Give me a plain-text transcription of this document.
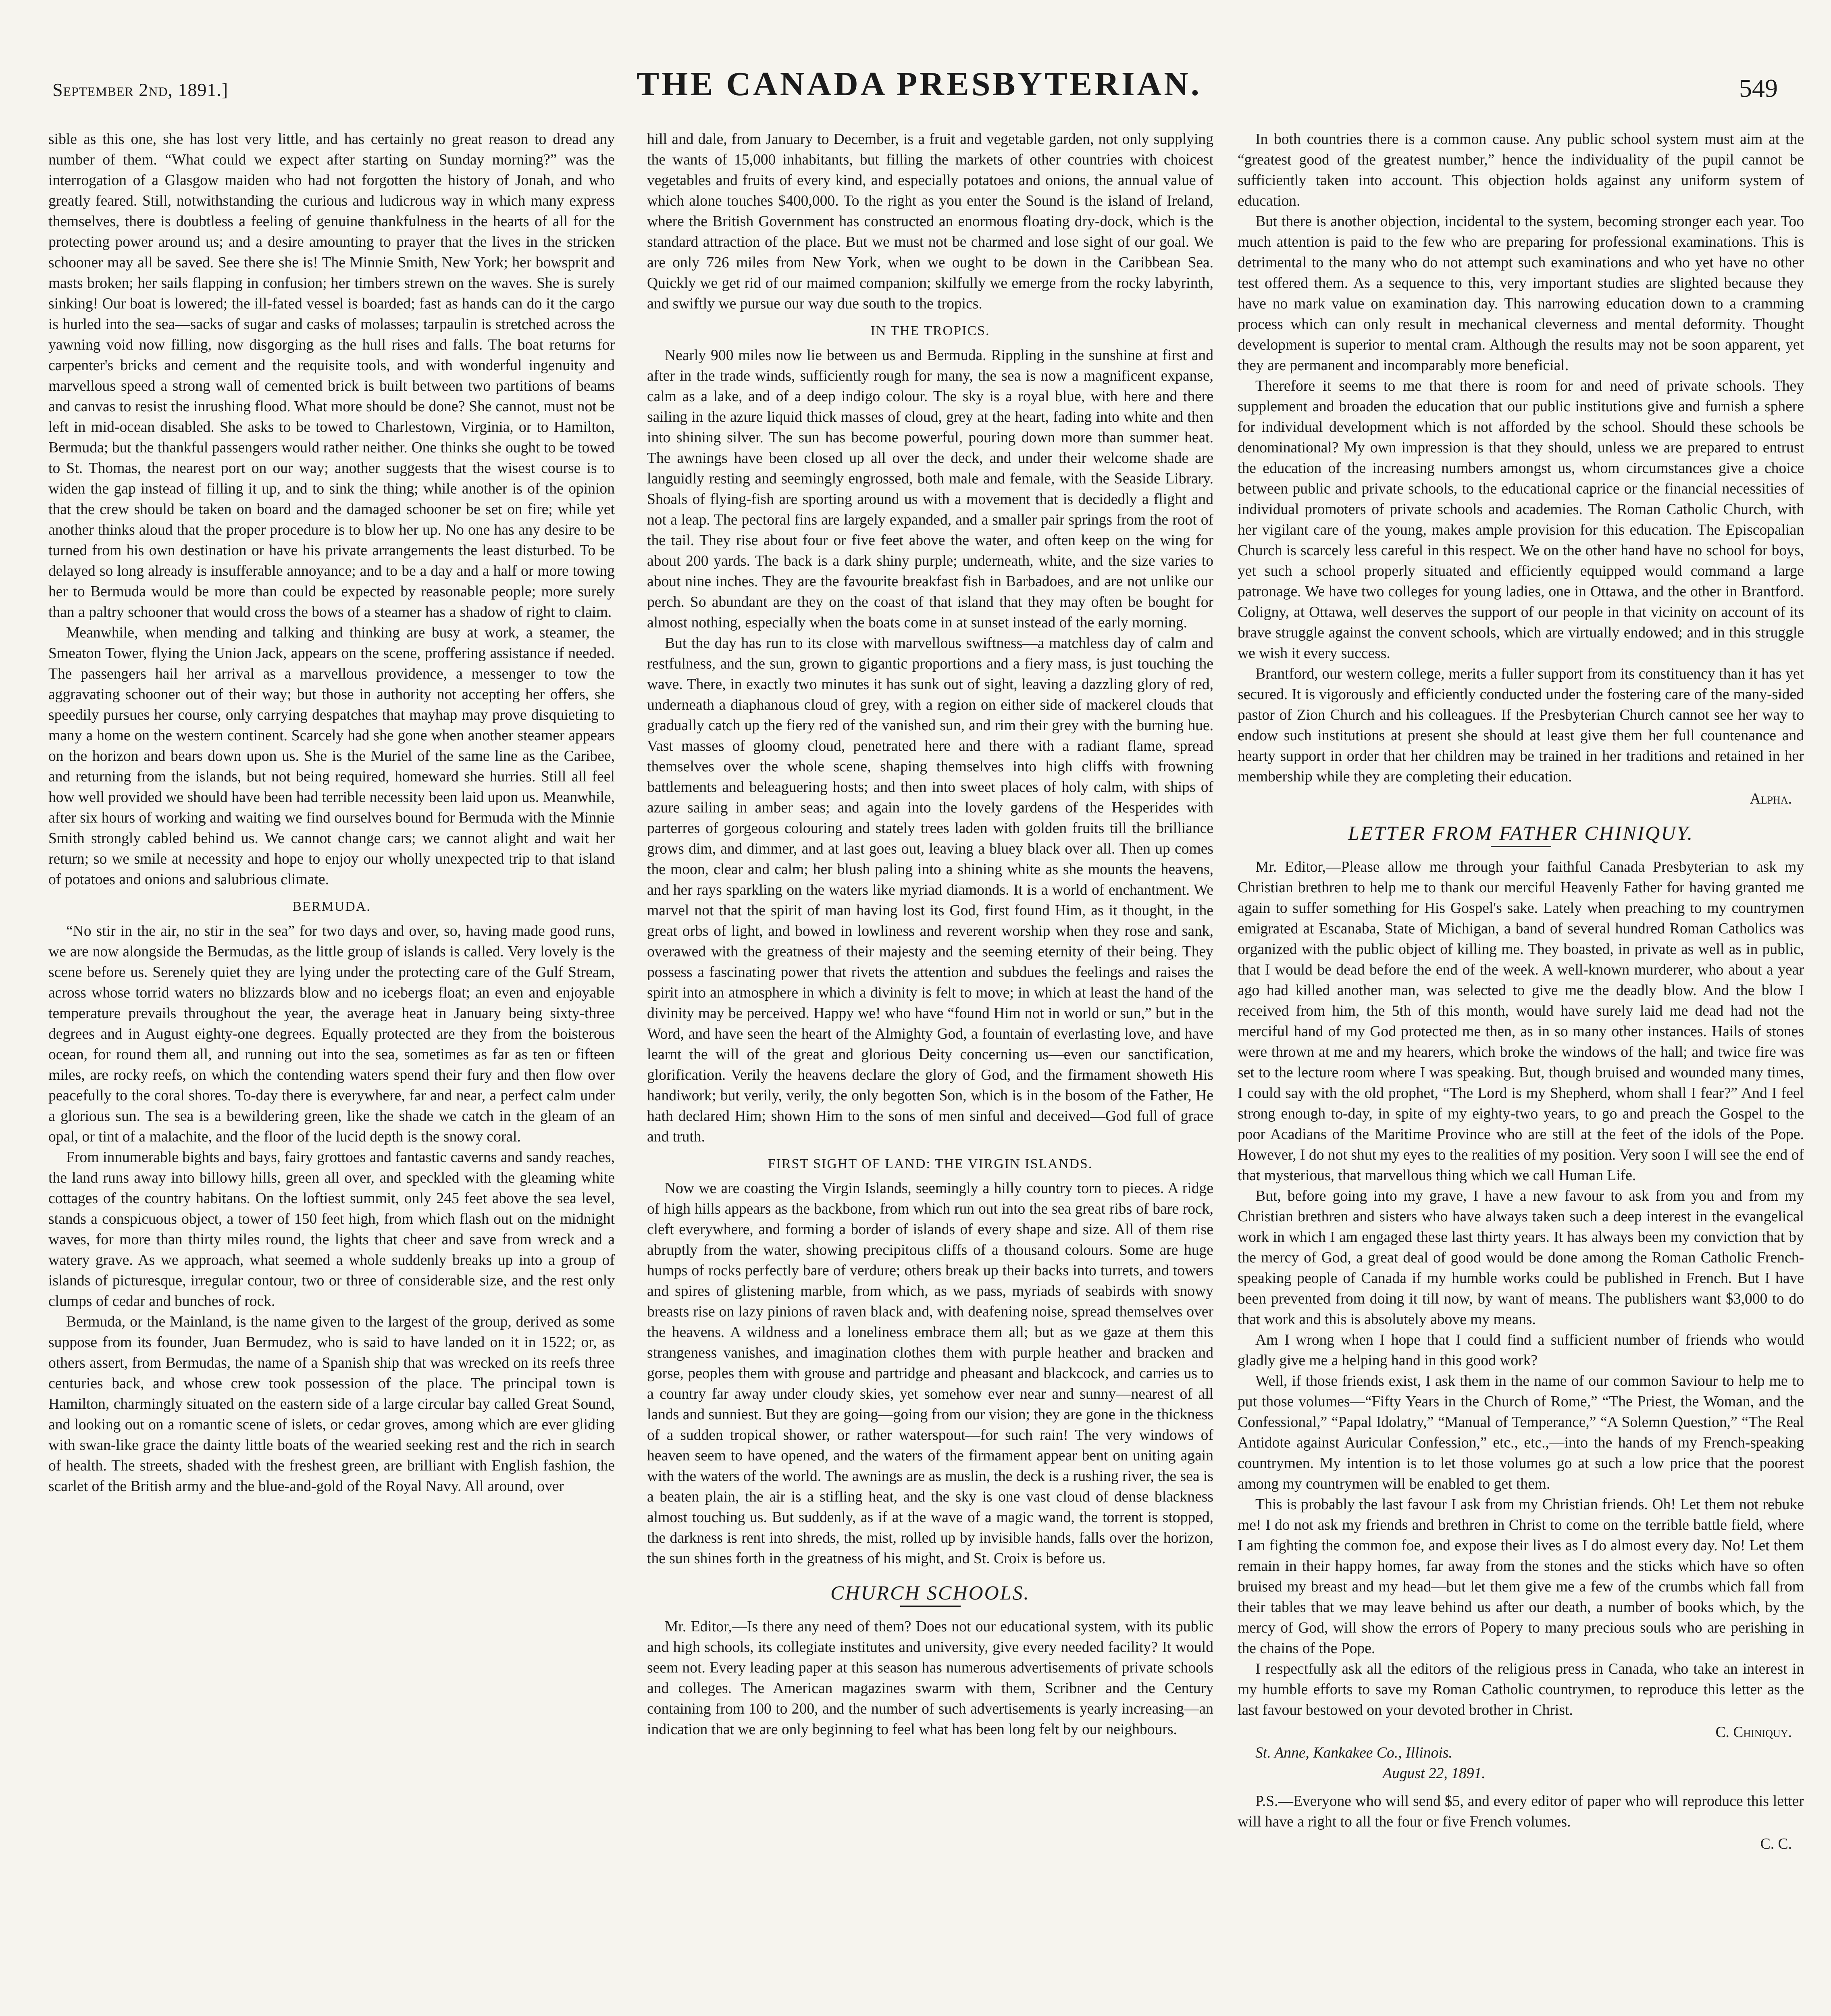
September 2nd, 1891.]	THE CANADA PRESBYTERIAN.	549

sible as this one, she has lost very little, and has certainly no great reason to dread any number of them. “What could we expect after starting on Sunday morning?” was the interrogation of a Glasgow maiden who had not forgotten the history of Jonah, and who greatly feared. Still, notwithstanding the curious and ludicrous way in which many express themselves, there is doubtless a feeling of genuine thankfulness in the hearts of all for the protecting power around us; and a desire amounting to prayer that the lives in the stricken schooner may all be saved. See there she is! The Minnie Smith, New York; her bowsprit and masts broken; her sails flapping in confusion; her timbers strewn on the waves. She is surely sinking! Our boat is lowered; the ill-fated vessel is boarded; fast as hands can do it the cargo is hurled into the sea—sacks of sugar and casks of molasses; tarpaulin is stretched across the yawning void now filling, now disgorging as the hull rises and falls. The boat returns for carpenter's bricks and cement and the requisite tools, and with wonderful ingenuity and marvellous speed a strong wall of cemented brick is built between two partitions of beams and canvas to resist the inrushing flood. What more should be done? She cannot, must not be left in mid-ocean disabled. She asks to be towed to Charlestown, Virginia, or to Hamilton, Bermuda; but the thankful passengers would rather neither. One thinks she ought to be towed to St. Thomas, the nearest port on our way; another suggests that the wisest course is to widen the gap instead of filling it up, and to sink the thing; while another is of the opinion that the crew should be taken on board and the damaged schooner be set on fire; while yet another thinks aloud that the proper procedure is to blow her up. No one has any desire to be turned from his own destination or have his private arrangements the least disturbed. To be delayed so long already is insufferable annoyance; and to be a day and a half or more towing her to Bermuda would be more than could be expected by reasonable people; more surely than a paltry schooner that would cross the bows of a steamer has a shadow of right to claim.

Meanwhile, when mending and talking and thinking are busy at work, a steamer, the Smeaton Tower, flying the Union Jack, appears on the scene, proffering assistance if needed. The passengers hail her arrival as a marvellous providence, a messenger to tow the aggravating schooner out of their way; but those in authority not accepting her offers, she speedily pursues her course, only carrying despatches that mayhap may prove disquieting to many a home on the western continent. Scarcely had she gone when another steamer appears on the horizon and bears down upon us. She is the Muriel of the same line as the Caribee, and returning from the islands, but not being required, homeward she hurries. Still all feel how well provided we should have been had terrible necessity been laid upon us. Meanwhile, after six hours of working and waiting we find ourselves bound for Bermuda with the Minnie Smith strongly cabled behind us. We cannot change cars; we cannot alight and wait her return; so we smile at necessity and hope to enjoy our wholly unexpected trip to that island of potatoes and onions and salubrious climate.

BERMUDA.

“No stir in the air, no stir in the sea” for two days and over, so, having made good runs, we are now alongside the Bermudas, as the little group of islands is called. Very lovely is the scene before us. Serenely quiet they are lying under the protecting care of the Gulf Stream, across whose torrid waters no blizzards blow and no icebergs float; an even and enjoyable temperature prevails throughout the year, the average heat in January being sixty-three degrees and in August eighty-one degrees. Equally protected are they from the boisterous ocean, for round them all, and running out into the sea, sometimes as far as ten or fifteen miles, are rocky reefs, on which the contending waters spend their fury and then flow over peacefully to the coral shores. To-day there is everywhere, far and near, a perfect calm under a glorious sun. The sea is a bewildering green, like the shade we catch in the gleam of an opal, or tint of a malachite, and the floor of the lucid depth is the snowy coral.

From innumerable bights and bays, fairy grottoes and fantastic caverns and sandy reaches, the land runs away into billowy hills, green all over, and speckled with the gleaming white cottages of the country habitans. On the loftiest summit, only 245 feet above the sea level, stands a conspicuous object, a tower of 150 feet high, from which flash out on the midnight waves, for more than thirty miles round, the lights that cheer and save from wreck and a watery grave. As we approach, what seemed a whole suddenly breaks up into a group of islands of picturesque, irregular contour, two or three of considerable size, and the rest only clumps of cedar and bunches of rock.

Bermuda, or the Mainland, is the name given to the largest of the group, derived as some suppose from its founder, Juan Bermudez, who is said to have landed on it in 1522; or, as others assert, from Bermudas, the name of a Spanish ship that was wrecked on its reefs three centuries back, and whose crew took possession of the place. The principal town is Hamilton, charmingly situated on the eastern side of a large circular bay called Great Sound, and looking out on a romantic scene of islets, or cedar groves, among which are ever gliding with swan-like grace the dainty little boats of the wearied seeking rest and the rich in search of health. The streets, shaded with the freshest green, are brilliant with English fashion, the scarlet of the British army and the blue-and-gold of the Royal Navy. All around, over

hill and dale, from January to December, is a fruit and vegetable garden, not only supplying the wants of 15,000 inhabitants, but filling the markets of other countries with choicest vegetables and fruits of every kind, and especially potatoes and onions, the annual value of which alone touches $400,000. To the right as you enter the Sound is the island of Ireland, where the British Government has constructed an enormous floating dry-dock, which is the standard attraction of the place. But we must not be charmed and lose sight of our goal. We are only 726 miles from New York, when we ought to be down in the Caribbean Sea. Quickly we get rid of our maimed companion; skilfully we emerge from the rocky labyrinth, and swiftly we pursue our way due south to the tropics.

IN THE TROPICS.

Nearly 900 miles now lie between us and Bermuda. Rippling in the sunshine at first and after in the trade winds, sufficiently rough for many, the sea is now a magnificent expanse, calm as a lake, and of a deep indigo colour. The sky is a royal blue, with here and there sailing in the azure liquid thick masses of cloud, grey at the heart, fading into white and then into shining silver. The sun has become powerful, pouring down more than summer heat. The awnings have been closed up all over the deck, and under their welcome shade are languidly resting and seemingly engrossed, both male and female, with the Seaside Library. Shoals of flying-fish are sporting around us with a movement that is decidedly a flight and not a leap. The pectoral fins are largely expanded, and a smaller pair springs from the root of the tail. They rise about four or five feet above the water, and often keep on the wing for about 200 yards. The back is a dark shiny purple; underneath, white, and the size varies to about nine inches. They are the favourite breakfast fish in Barbadoes, and are not unlike our perch. So abundant are they on the coast of that island that they may often be bought for almost nothing, especially when the boats come in at sunset instead of the early morning.

But the day has run to its close with marvellous swiftness—a matchless day of calm and restfulness, and the sun, grown to gigantic proportions and a fiery mass, is just touching the wave. There, in exactly two minutes it has sunk out of sight, leaving a dazzling glory of red, underneath a diaphanous cloud of grey, with a region on either side of mackerel clouds that gradually catch up the fiery red of the vanished sun, and rim their grey with the burning hue. Vast masses of gloomy cloud, penetrated here and there with a radiant flame, spread themselves over the whole scene, shaping themselves into high cliffs with frowning battlements and beleaguering hosts; and then into sweet places of holy calm, with ships of azure sailing in amber seas; and again into the lovely gardens of the Hesperides with parterres of gorgeous colouring and stately trees laden with golden fruits till the brilliance grows dim, and dimmer, and at last goes out, leaving a bluey black over all. Then up comes the moon, clear and calm; her blush paling into a shining white as she mounts the heavens, and her rays sparkling on the waters like myriad diamonds. It is a world of enchantment. We marvel not that the spirit of man having lost its God, first found Him, as it thought, in the great orbs of light, and bowed in lowliness and reverent worship when they rose and sank, overawed with the greatness of their majesty and the seeming eternity of their being. They possess a fascinating power that rivets the attention and subdues the feelings and raises the spirit into an atmosphere in which a divinity is felt to move; in which at least the hand of the divinity may be perceived. Happy we! who have “found Him not in world or sun,” but in the Word, and have seen the heart of the Almighty God, a fountain of everlasting love, and have learnt the will of the great and glorious Deity concerning us—even our sanctification, glorification. Verily the heavens declare the glory of God, and the firmament showeth His handiwork; but verily, verily, the only begotten Son, which is in the bosom of the Father, He hath declared Him; shown Him to the sons of men sinful and deceived—God full of grace and truth.

FIRST SIGHT OF LAND: THE VIRGIN ISLANDS.

Now we are coasting the Virgin Islands, seemingly a hilly country torn to pieces. A ridge of high hills appears as the backbone, from which run out into the sea great ribs of bare rock, cleft everywhere, and forming a border of islands of every shape and size. All of them rise abruptly from the water, showing precipitous cliffs of a thousand colours. Some are huge humps of rocks perfectly bare of verdure; others break up their backs into turrets, and towers and spires of glistening marble, from which, as we pass, myriads of seabirds with snowy breasts rise on lazy pinions of raven black and, with deafening noise, spread themselves over the heavens. A wildness and a loneliness embrace them all; but as we gaze at them this strangeness vanishes, and imagination clothes them with purple heather and bracken and gorse, peoples them with grouse and partridge and pheasant and blackcock, and carries us to a country far away under cloudy skies, yet somehow ever near and sunny—nearest of all lands and sunniest. But they are going—going from our vision; they are gone in the thickness of a sudden tropical shower, or rather waterspout—for such rain! The very windows of heaven seem to have opened, and the waters of the firmament appear bent on uniting again with the waters of the world. The awnings are as muslin, the deck is a rushing river, the sea is a beaten plain, the air is a stifling heat, and the sky is one vast cloud of dense blackness almost touching us. But suddenly, as if at the wave of a magic wand, the torrent is stopped, the darkness is rent into shreds, the mist, rolled up by invisible hands, falls over the horizon, the sun shines forth in the greatness of his might, and St. Croix is before us.

CHURCH SCHOOLS.

Mr. Editor,—Is there any need of them? Does not our educational system, with its public and high schools, its collegiate institutes and university, give every needed facility? It would seem not. Every leading paper at this season has numerous advertisements of private schools and colleges. The American magazines swarm with them, Scribner and the Century containing from 100 to 200, and the number of such advertisements is yearly increasing—an indication that we are only beginning to feel what has been long felt by our neighbours.

In both countries there is a common cause. Any public school system must aim at the “greatest good of the greatest number,” hence the individuality of the pupil cannot be sufficiently taken into account. This objection holds against any uniform system of education.

But there is another objection, incidental to the system, becoming stronger each year. Too much attention is paid to the few who are preparing for professional examinations. This is detrimental to the many who do not attempt such examinations and who yet have no other test offered them. As a sequence to this, very important studies are slighted because they have no mark value on examination day. This narrowing education down to a cramming process which can only result in mechanical cleverness and mental deformity. Thought development is superior to mental cram. Although the results may not be soon apparent, yet they are permanent and incomparably more beneficial.

Therefore it seems to me that there is room for and need of private schools. They supplement and broaden the education that our public institutions give and furnish a sphere for individual development which is not afforded by the school. Should these schools be denominational? My own impression is that they should, unless we are prepared to entrust the education of the increasing numbers amongst us, whom circumstances give a choice between public and private schools, to the educational caprice or the financial necessities of individual promoters of private schools and academies. The Roman Catholic Church, with her vigilant care of the young, makes ample provision for this education. The Episcopalian Church is scarcely less careful in this respect. We on the other hand have no school for boys, yet such a school properly situated and efficiently equipped would command a large patronage. We have two colleges for young ladies, one in Ottawa, and the other in Brantford. Coligny, at Ottawa, well deserves the support of our people in that vicinity on account of its brave struggle against the convent schools, which are virtually endowed; and in this struggle we wish it every success.

Brantford, our western college, merits a fuller support from its constituency than it has yet secured. It is vigorously and efficiently conducted under the fostering care of the many-sided pastor of Zion Church and his colleagues. If the Presbyterian Church cannot see her way to endow such institutions at present she should at least give them her full countenance and hearty support in order that her children may be trained in her traditions and retained in her membership while they are completing their education.

Alpha.
LETTER FROM FATHER CHINIQUY.

Mr. Editor,—Please allow me through your faithful Canada Presbyterian to ask my Christian brethren to help me to thank our merciful Heavenly Father for having granted me again to suffer something for His Gospel's sake. Lately when preaching to my countrymen emigrated at Escanaba, State of Michigan, a band of several hundred Roman Catholics was organized with the public object of killing me. They boasted, in private as well as in public, that I would be dead before the end of the week. A well-known murderer, who about a year ago had killed another man, was selected to give me the deadly blow. And the blow I received from him, the 5th of this month, would have surely laid me dead had not the merciful hand of my God protected me then, as in so many other instances. Hails of stones were thrown at me and my hearers, which broke the windows of the hall; and twice fire was set to the lecture room where I was speaking. But, though bruised and wounded many times, I could say with the old prophet, “The Lord is my Shepherd, whom shall I fear?” And I feel strong enough to-day, in spite of my eighty-two years, to go and preach the Gospel to the poor Acadians of the Maritime Province who are still at the feet of the idols of the Pope. However, I do not shut my eyes to the realities of my position. Very soon I will see the end of that mysterious, that marvellous thing which we call Human Life.

But, before going into my grave, I have a new favour to ask from you and from my Christian brethren and sisters who have always taken such a deep interest in the evangelical work in which I am engaged these last thirty years. It has always been my conviction that by the mercy of God, a great deal of good would be done among the Roman Catholic French-speaking people of Canada if my humble works could be published in French. But I have been prevented from doing it till now, by want of means. The publishers want $3,000 to do that work and this is absolutely above my means.

Am I wrong when I hope that I could find a sufficient number of friends who would gladly give me a helping hand in this good work?

Well, if those friends exist, I ask them in the name of our common Saviour to help me to put those volumes—“Fifty Years in the Church of Rome,” “The Priest, the Woman, and the Confessional,” “Papal Idolatry,” “Manual of Temperance,” “A Solemn Question,” “The Real Antidote against Auricular Confession,” etc., etc.,—into the hands of my French-speaking countrymen. My intention is to let those volumes go at such a low price that the poorest among my countrymen will be enabled to get them.

This is probably the last favour I ask from my Christian friends. Oh! Let them not rebuke me! I do not ask my friends and brethren in Christ to come on the terrible battle field, where I am fighting the common foe, and expose their lives as I do almost every day. No! Let them remain in their happy homes, far away from the stones and the sticks which have so often bruised my breast and my head—but let them give me a few of the crumbs which fall from their tables that we may leave behind us after our death, a number of books which, by the mercy of God, will show the errors of Popery to many precious souls who are perishing in the chains of the Pope.

I respectfully ask all the editors of the religious press in Canada, who take an interest in my humble efforts to save my Roman Catholic countrymen, to reproduce this letter as the last favour bestowed on your devoted brother in Christ.

C. Chiniquy.

St. Anne, Kankakee Co., Illinois.

August 22, 1891.

P.S.—Everyone who will send $5, and every editor of paper who will reproduce this letter will have a right to all the four or five French volumes.

C. C.
